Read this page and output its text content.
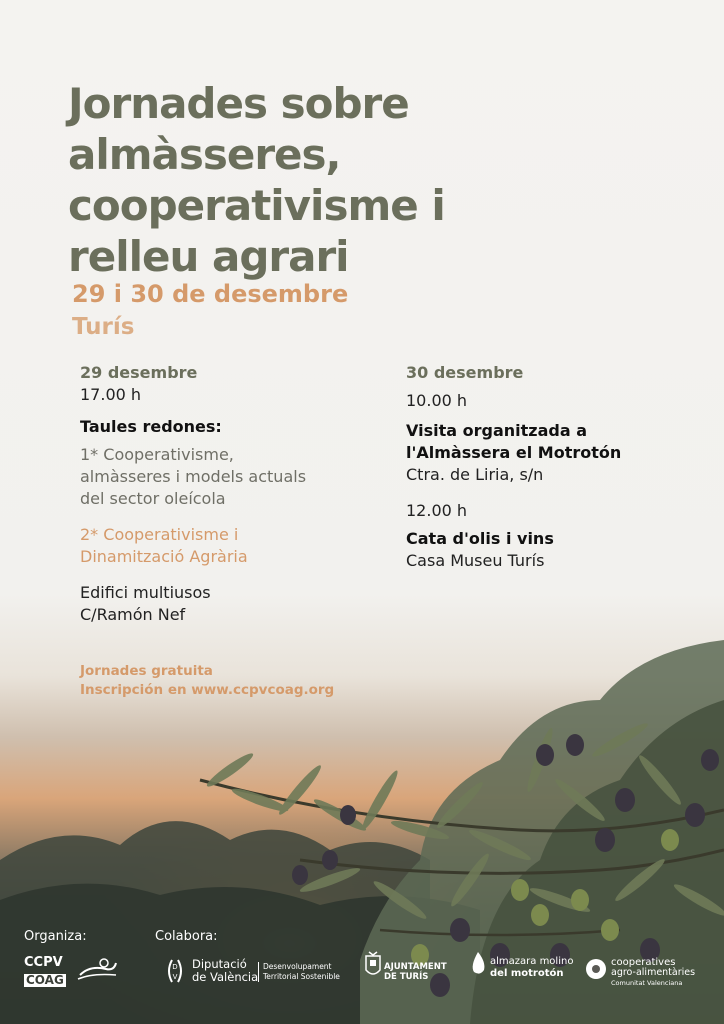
Jornades sobre
almàsseres,
cooperativisme i
relleu agrari

29 i 30 de desembre

Turís

29 desembre

17.00 h

Taules redones:

1* Cooperativisme,

almàsseres i models actuals

del sector oleícola

2* Cooperativisme i

Dinamització Agrària

Edifici multiusos

C/Ramón Nef

30 desembre

10.00 h

Visita organitzada a

l'Almàssera el Motrotón

Ctra. de Liria, s/n

12.00 h

Cata d'olis i vins

Casa Museu Turís

Jornades gratuita

Inscripción en www.ccpvcoag.org

Organiza:	Colabora:
CCPV
COAG
D
V
Diputació
de València
Desenvolupament
Territorial Sostenible
AJUNTAMENT
DE TURÍS
almazara molino
del motrotón
cooperatives
agro-alimentàries
Comunitat Valenciana
